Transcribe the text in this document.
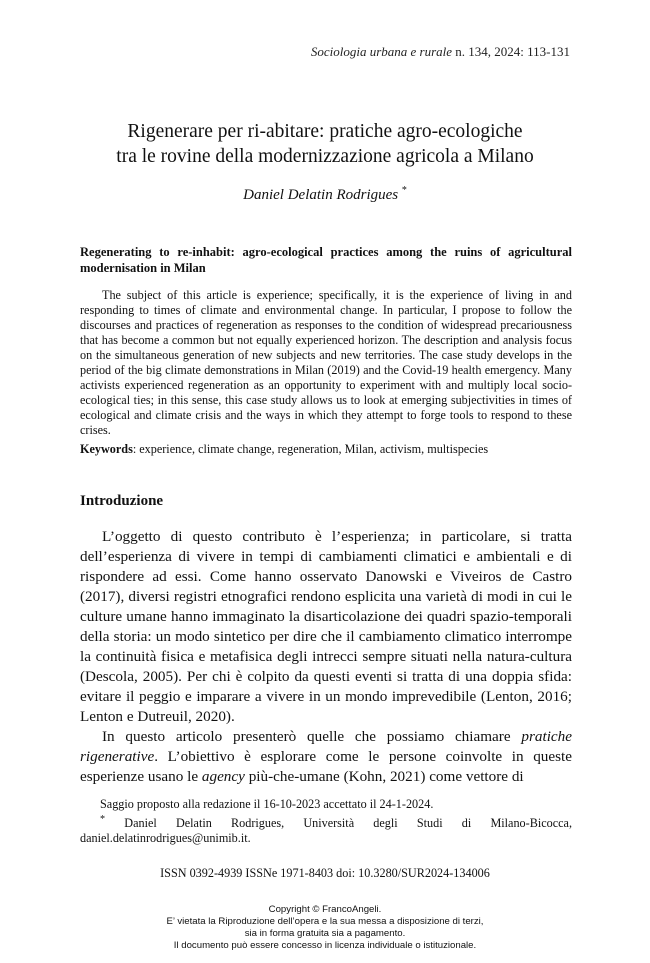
Sociologia urbana e rurale n. 134, 2024: 113-131
Rigenerare per ri-abitare: pratiche agro-ecologiche
tra le rovine della modernizzazione agricola a Milano
Daniel Delatin Rodrigues *
Regenerating to re-inhabit: agro-ecological practices among the ruins of agricultural modernisation in Milan

The subject of this article is experience; specifically, it is the experience of living in and responding to times of climate and environmental change. In particular, I propose to follow the discourses and practices of regeneration as responses to the condition of widespread precariousness that has become a common but not equally experienced horizon. The description and analysis focus on the simultaneous generation of new subjects and new territories. The case study develops in the period of the big climate demonstrations in Milan (2019) and the Covid-19 health emergency. Many activists experienced regeneration as an opportunity to experiment with and multiply local socio-ecological ties; in this sense, this case study allows us to look at emerging subjectivities in times of ecological and climate crisis and the ways in which they attempt to forge tools to respond to these crises.

Keywords: experience, climate change, regeneration, Milan, activism, multispecies
Introduzione

L’oggetto di questo contributo è l’esperienza; in particolare, si tratta dell’esperienza di vivere in tempi di cambiamenti climatici e ambientali e di rispondere ad essi. Come hanno osservato Danowski e Viveiros de Castro (2017), diversi registri etnografici rendono esplicita una varietà di modi in cui le culture umane hanno immaginato la disarticolazione dei quadri spazio-temporali della storia: un modo sintetico per dire che il cambiamento climatico interrompe la continuità fisica e metafisica degli intrecci sempre situati nella natura-cultura (Descola, 2005). Per chi è colpito da questi eventi si tratta di una doppia sfida: evitare il peggio e imparare a vivere in un mondo imprevedibile (Lenton, 2016; Lenton e Dutreuil, 2020).

In questo articolo presenterò quelle che possiamo chiamare pratiche rigenerative. L’obiettivo è esplorare come le persone coinvolte in queste esperienze usano le agency più-che-umane (Kohn, 2021) come vettore di

Saggio proposto alla redazione il 16-10-2023 accettato il 24-1-2024.
* Daniel Delatin Rodrigues, Università degli Studi di Milano-Bicocca, daniel.delatinrodrigues@unimib.it.
ISSN 0392-4939 ISSNe 1971-8403 doi: 10.3280/SUR2024-134006
Copyright © FrancoAngeli.
E’ vietata la Riproduzione dell’opera e la sua messa a disposizione di terzi,
sia in forma gratuita sia a pagamento.
Il documento può essere concesso in licenza individuale o istituzionale.
